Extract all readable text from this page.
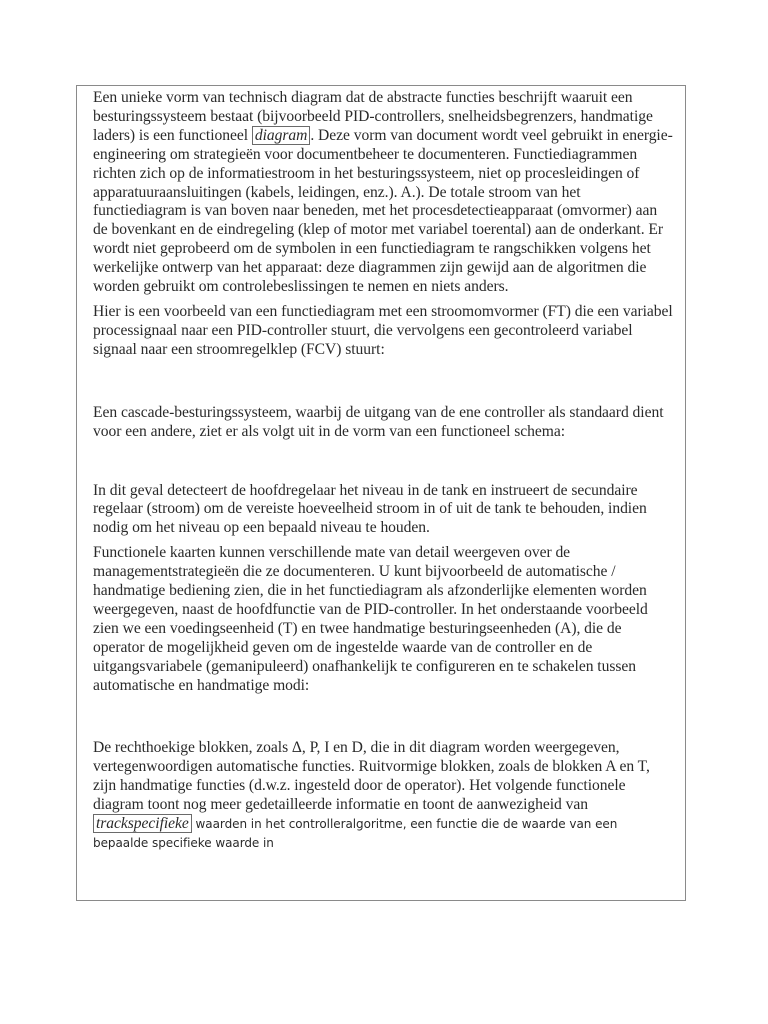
Een unieke vorm van technisch diagram dat de abstracte functies beschrijft waaruit een besturingssysteem bestaat (bijvoorbeeld PID-controllers, snelheidsbegrenzers, handmatige laders) is een functioneel diagram . Deze vorm van document wordt veel gebruikt in energie-engineering om strategieën voor documentbeheer te documenteren. Functiediagrammen richten zich op de informatiestroom in het besturingssysteem, niet op procesleidingen of apparatuuraansluitingen (kabels, leidingen, enz.). A.). De totale stroom van het functiediagram is van boven naar beneden, met het procesdetectieapparaat (omvormer) aan de bovenkant en de eindregeling (klep of motor met variabel toerental) aan de onderkant. Er wordt niet geprobeerd om de symbolen in een functiediagram te rangschikken volgens het werkelijke ontwerp van het apparaat: deze diagrammen zijn gewijd aan de algoritmen die worden gebruikt om controlebeslissingen te nemen en niets anders.

Hier is een voorbeeld van een functiediagram met een stroomomvormer (FT) die een variabel processignaal naar een PID-controller stuurt, die vervolgens een gecontroleerd variabel signaal naar een stroomregelklep (FCV) stuurt:

Een cascade-besturingssysteem, waarbij de uitgang van de ene controller als standaard dient voor een andere, ziet er als volgt uit in de vorm van een functioneel schema:

In dit geval detecteert de hoofdregelaar het niveau in de tank en instrueert de secundaire regelaar (stroom) om de vereiste hoeveelheid stroom in of uit de tank te behouden, indien nodig om het niveau op een bepaald niveau te houden.

Functionele kaarten kunnen verschillende mate van detail weergeven over de managementstrategieën die ze documenteren. U kunt bijvoorbeeld de automatische / handmatige bediening zien, die in het functiediagram als afzonderlijke elementen worden weergegeven, naast de hoofdfunctie van de PID-controller. In het onderstaande voorbeeld zien we een voedingseenheid (T) en twee handmatige besturingseenheden (A), die de operator de mogelijkheid geven om de ingestelde waarde van de controller en de uitgangsvariabele (gemanipuleerd) onafhankelijk te configureren en te schakelen tussen automatische en handmatige modi:

De rechthoekige blokken, zoals Δ, P, I en D, die in dit diagram worden weergegeven, vertegenwoordigen automatische functies. Ruitvormige blokken, zoals de blokken A en T, zijn handmatige functies (d.w.z. ingesteld door de operator). Het volgende functionele diagram toont nog meer gedetailleerde informatie en toont de aanwezigheid van trackspecifieke waarden in het controlleralgoritme, een functie die de waarde van een bepaalde specifieke waarde in
